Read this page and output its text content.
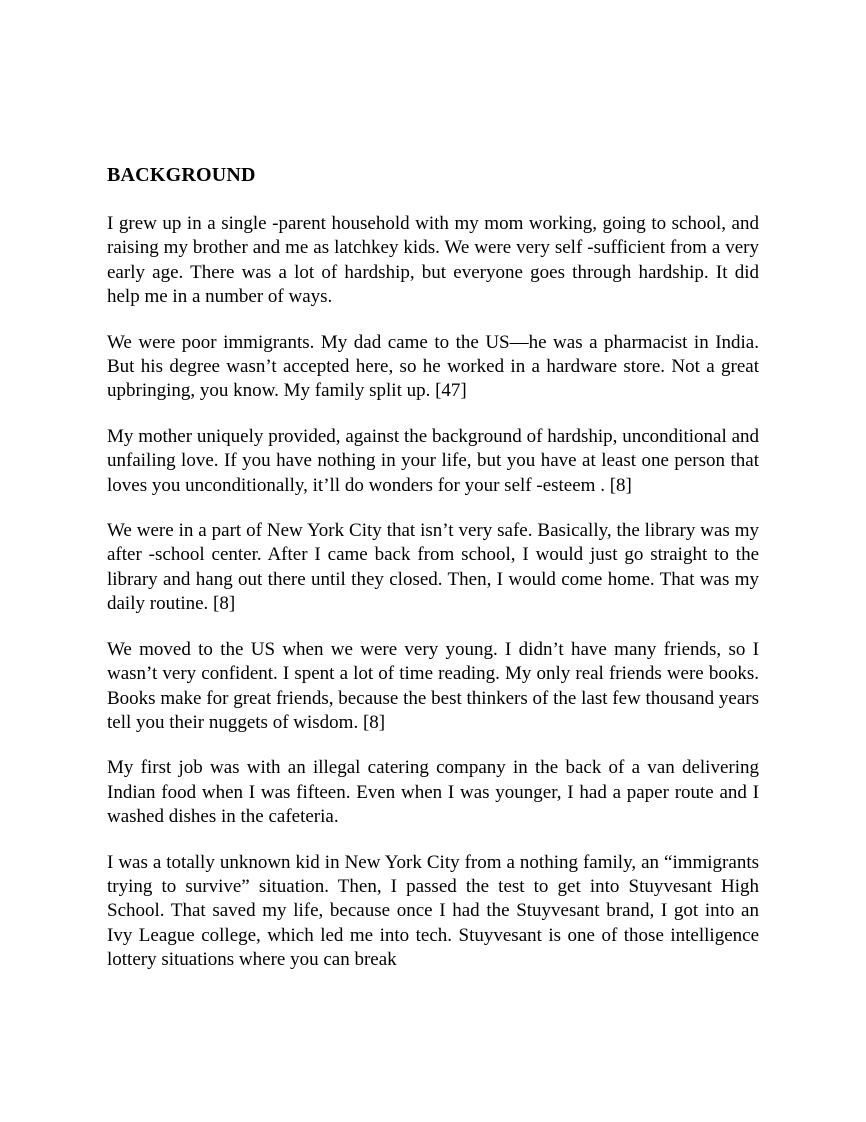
BACKGROUND

I grew up in a single -parent household with my mom working, going to school, and raising my brother and me as latchkey kids. We were very self -sufficient from a very early age. There was a lot of hardship, but everyone goes through hardship. It did help me in a number of ways.

We were poor immigrants. My dad came to the US—he was a pharmacist in India. But his degree wasn’t accepted here, so he worked in a hardware store. Not a great upbringing, you know. My family split up. [47]

My mother uniquely provided, against the background of hardship, unconditional and unfailing love. If you have nothing in your life, but you have at least one person that loves you unconditionally, it’ll do wonders for your self -esteem . [8]

We were in a part of New York City that isn’t very safe. Basically, the library was my after -school center. After I came back from school, I would just go straight to the library and hang out there until they closed. Then, I would come home. That was my daily routine. [8]

We moved to the US when we were very young. I didn’t have many friends, so I wasn’t very confident. I spent a lot of time reading. My only real friends were books. Books make for great friends, because the best thinkers of the last few thousand years tell you their nuggets of wisdom. [8]

My first job was with an illegal catering company in the back of a van delivering Indian food when I was fifteen. Even when I was younger, I had a paper route and I washed dishes in the cafeteria.

I was a totally unknown kid in New York City from a nothing family, an “immigrants trying to survive” situation. Then, I passed the test to get into Stuyvesant High School. That saved my life, because once I had the Stuyvesant brand, I got into an Ivy League college, which led me into tech. Stuyvesant is one of those intelligence lottery situations where you can break
